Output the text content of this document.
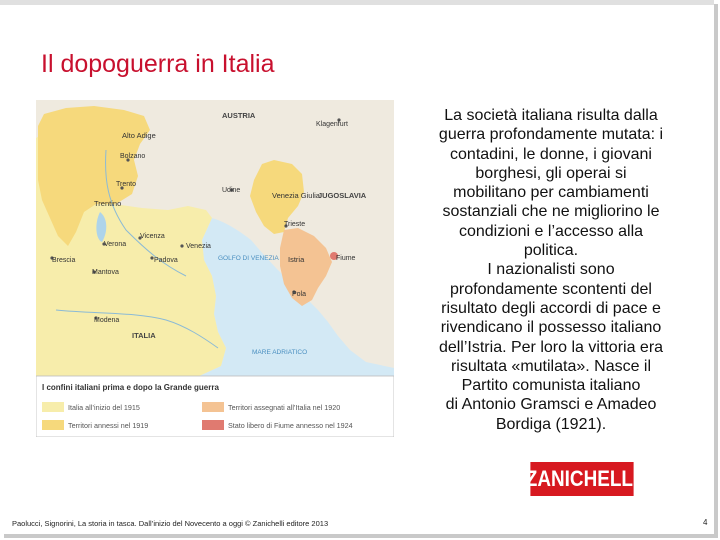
Il dopoguerra in Italia
AUSTRIA
Alto Adige
Klagenfurt
Bolzano
Trento
Trentino
Udine
Venezia Giulia
JUGOSLAVIA
Trieste
Vicenza
Verona	Venezia
Padova	GOLFO DI VENEZIA Istria	Fiume
Brescia
Mantova
Pola
Modena
ITALIA
MARE ADRIATICO
I confini italiani prima e dopo la Grande guerra
Italia all’inizio del 1915	Territori assegnati all’Italia nel 1920
Territori annessi nel 1919	Stato libero di Fiume annesso nel 1924
La società italiana risulta dalla
guerra profondamente mutata: i
contadini, le donne, i giovani
borghesi, gli operai si
mobilitano per cambiamenti
sostanziali che ne migliorino le
condizioni e l’accesso alla
politica.
I nazionalisti sono
profondamente scontenti del
risultato degli accordi di pace e
rivendicano il possesso italiano
dell’Istria. Per loro la vittoria era
risultata «mutilata». Nasce il
Partito comunista italiano
di Antonio Gramsci e Amadeo
Bordiga (1921).
ZANICHELLI
Paolucci, Signorini, La storia in tasca. Dall’inizio del Novecento a oggi © Zanichelli editore 2013	4
